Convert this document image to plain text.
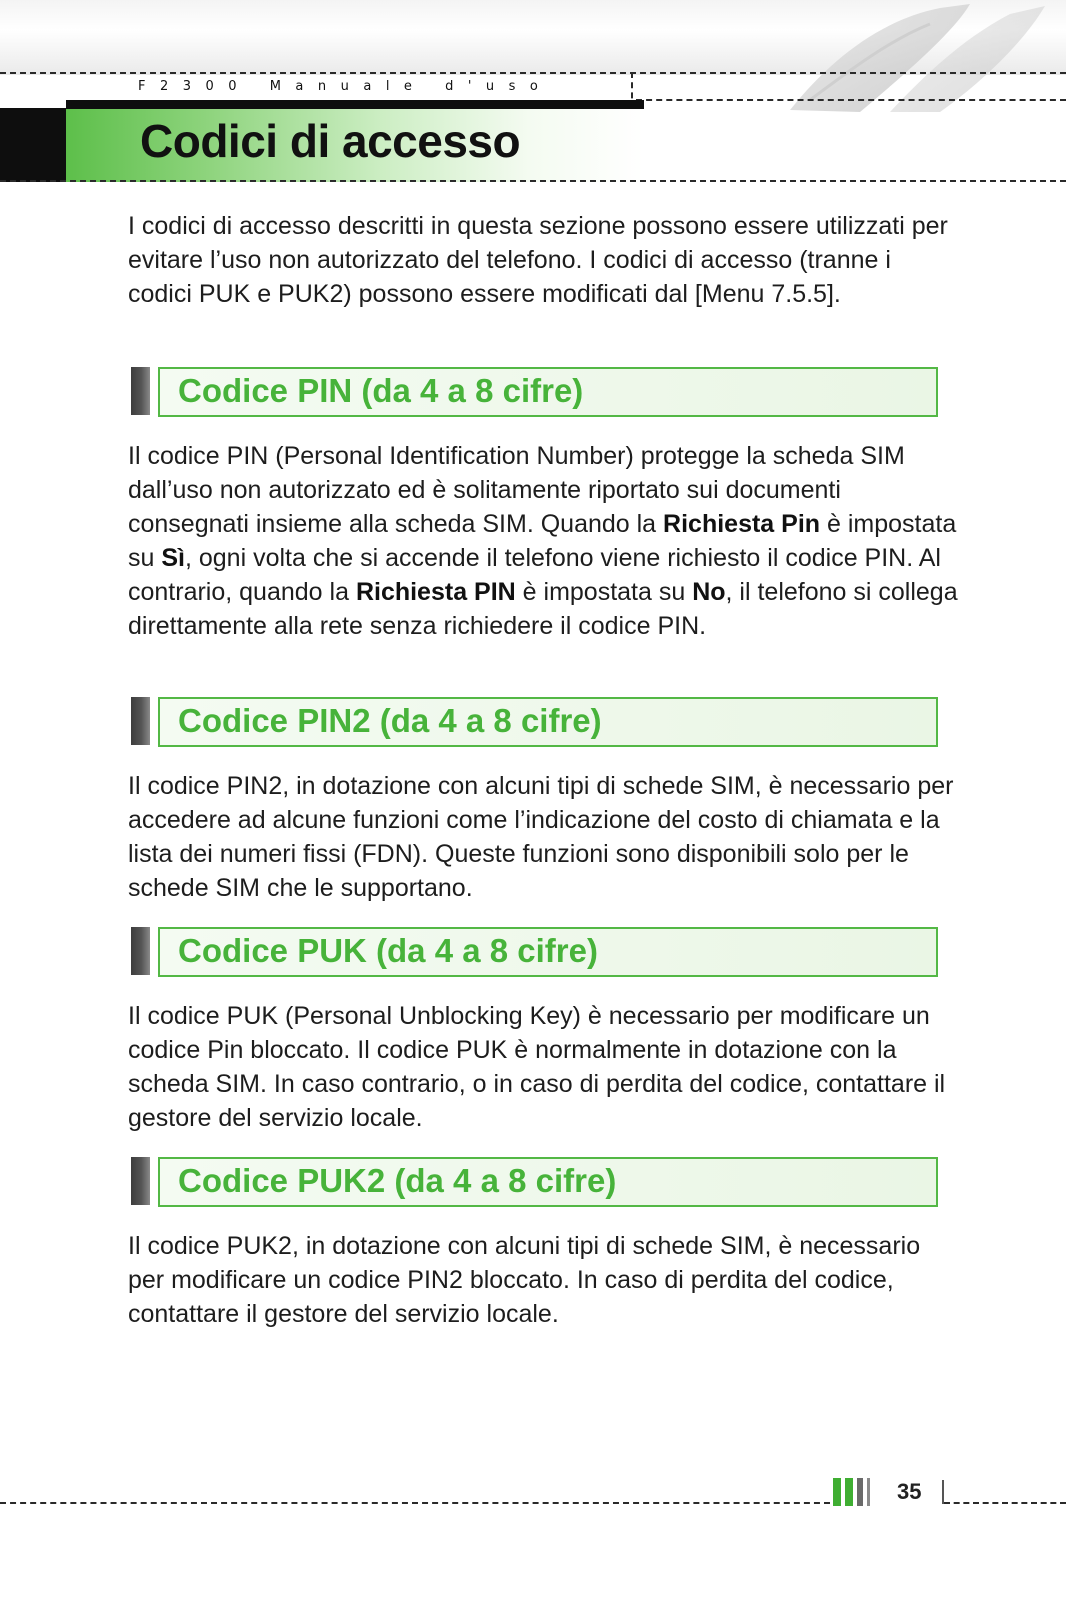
F2300 Manuale d'uso
Codici di accesso

I codici di accesso descritti in questa sezione possono essere utilizzati per evitare l’uso non autorizzato del telefono. I codici di accesso (tranne i codici PUK e PUK2) possono essere modificati dal [Menu 7.5.5].

Codice PIN (da 4 a 8 cifre)

Il codice PIN (Personal Identification Number) protegge la scheda SIM dall’uso non autorizzato ed è solitamente riportato sui documenti consegnati insieme alla scheda SIM. Quando la Richiesta Pin è impostata su Sì, ogni volta che si accende il telefono viene richiesto il codice PIN. Al contrario, quando la Richiesta PIN è impostata su No, il telefono si collega direttamente alla rete senza richiedere il codice PIN.

Codice PIN2 (da 4 a 8 cifre)

Il codice PIN2, in dotazione con alcuni tipi di schede SIM, è necessario per accedere ad alcune funzioni come l’indicazione del costo di chiamata e la lista dei numeri fissi (FDN). Queste funzioni sono disponibili solo per le schede SIM che le supportano.

Codice PUK (da 4 a 8 cifre)

Il codice PUK (Personal Unblocking Key) è necessario per modificare un codice Pin bloccato. Il codice PUK è normalmente in dotazione con la scheda SIM. In caso contrario, o in caso di perdita del codice, contattare il gestore del servizio locale.

Codice PUK2 (da 4 a 8 cifre)

Il codice PUK2, in dotazione con alcuni tipi di schede SIM, è necessario per modificare un codice PIN2 bloccato. In caso di perdita del codice, contattare il gestore del servizio locale.

35
